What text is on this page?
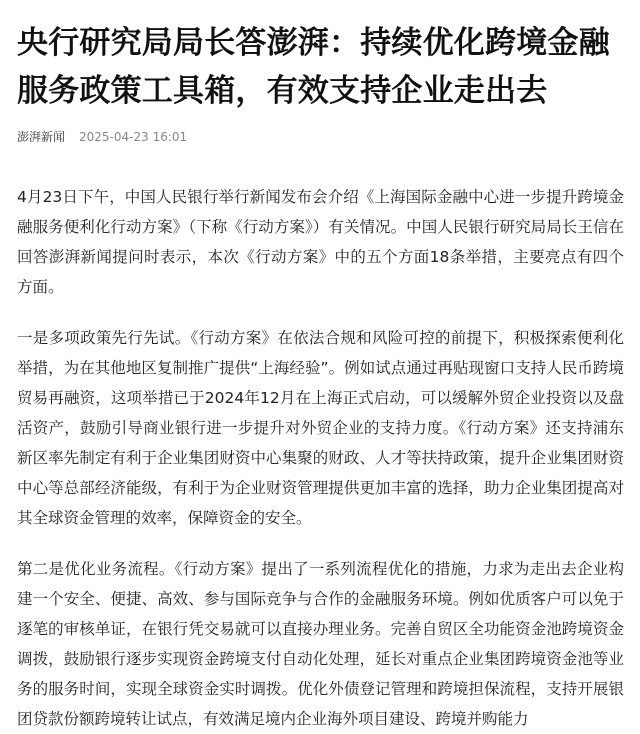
央行研究局局长答澎湃：持续优化跨境金融服务政策工具箱，有效支持企业走出去
澎湃新闻 2025-04-23 16:01

4月23日下午，中国人民银行举行新闻发布会介绍《上海国际金融中心进一步提升跨境金融服务便利化行动方案》（下称《行动方案》）有关情况。中国人民银行研究局局长王信在回答澎湃新闻提问时表示，本次《行动方案》中的五个方面18条举措，主要亮点有四个方面。

一是多项政策先行先试。《行动方案》在依法合规和风险可控的前提下，积极探索便利化举措，为在其他地区复制推广提供“上海经验”。例如试点通过再贴现窗口支持人民币跨境贸易再融资，这项举措已于2024年12月在上海正式启动，可以缓解外贸企业投资以及盘活资产，鼓励引导商业银行进一步提升对外贸企业的支持力度。《行动方案》还支持浦东新区率先制定有利于企业集团财资中心集聚的财政、人才等扶持政策，提升企业集团财资中心等总部经济能级，有利于为企业财资管理提供更加丰富的选择，助力企业集团提高对其全球资金管理的效率，保障资金的安全。

第二是优化业务流程。《行动方案》提出了一系列流程优化的措施，力求为走出去企业构建一个安全、便捷、高效、参与国际竞争与合作的金融服务环境。例如优质客户可以免于逐笔的审核单证，在银行凭交易就可以直接办理业务。完善自贸区全功能资金池跨境资金调拨，鼓励银行逐步实现资金跨境支付自动化处理，延长对重点企业集团跨境资金池等业务的服务时间，实现全球资金实时调拨。优化外债登记管理和跨境担保流程，支持开展银团贷款份额跨境转让试点，有效满足境内企业海外项目建设、跨境并购能力
